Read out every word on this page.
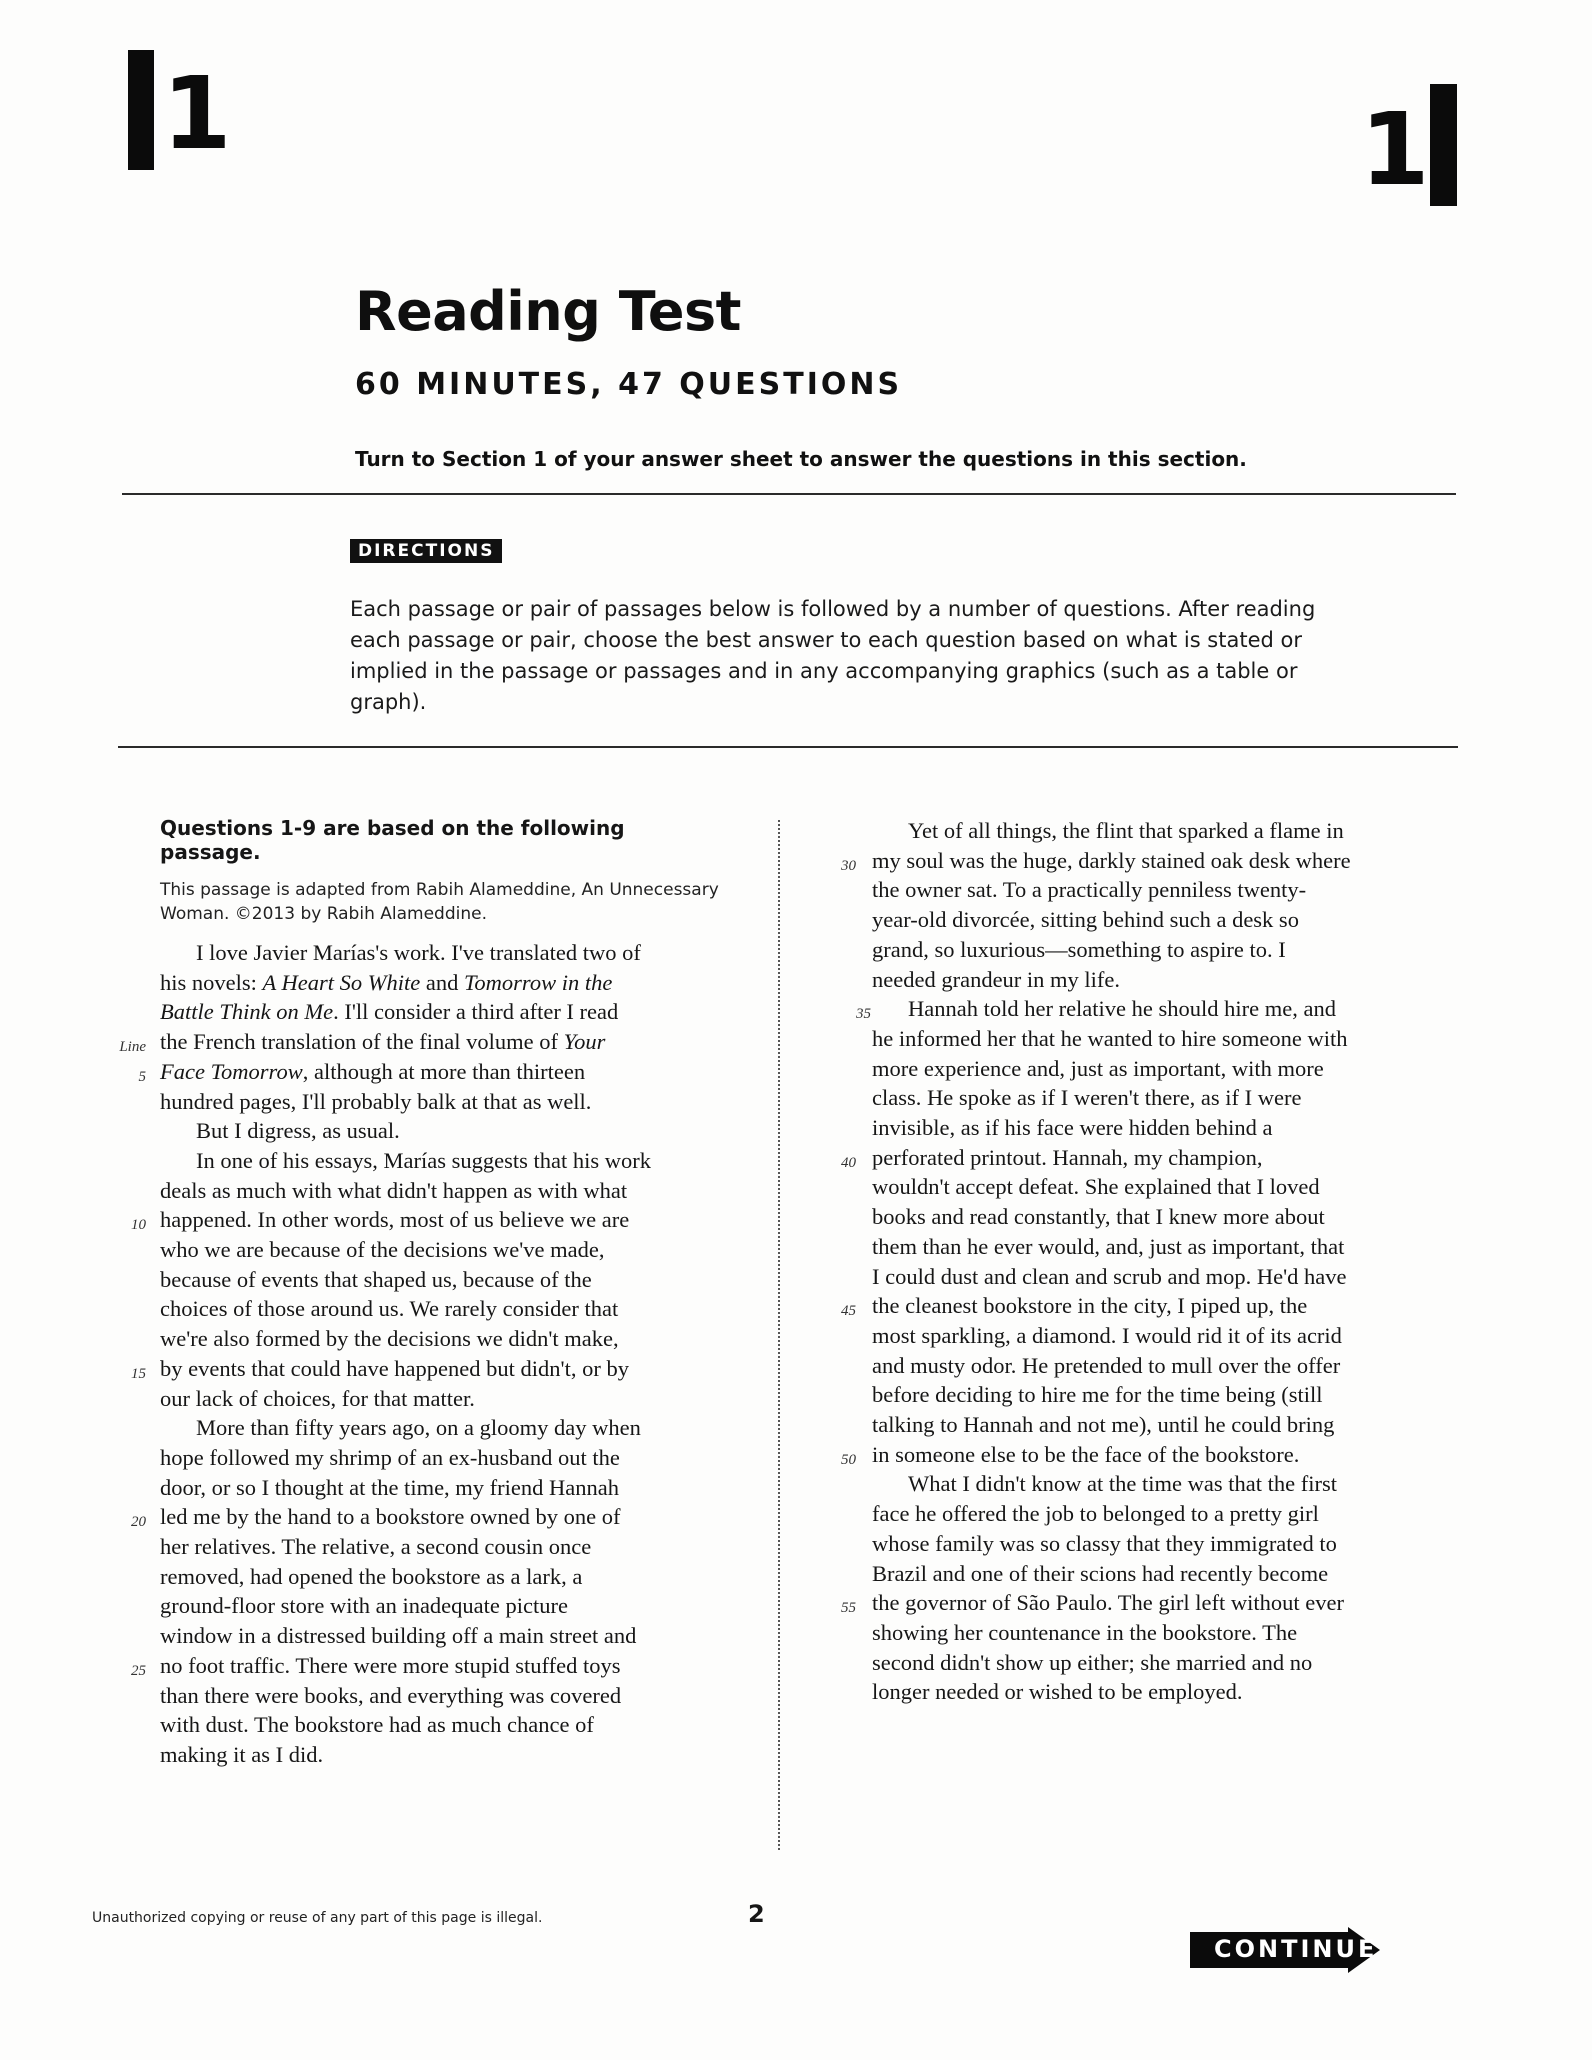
1	1
Reading Test
60 MINUTES, 47 QUESTIONS
Turn to Section 1 of your answer sheet to answer the questions in this section.
DIRECTIONS

Each passage or pair of passages below is followed by a number of questions. After reading each passage or pair, choose the best answer to each question based on what is stated or implied in the passage or passages and in any accompanying graphics (such as a table or graph).

Questions 1-9 are based on the following passage.

This passage is adapted from Rabih Alameddine, An Unnecessary Woman. ©2013 by Rabih Alameddine.

I love Javier Marías's work. I've translated two of
his novels: A Heart So White and Tomorrow in the
Battle Think on Me. I'll consider a third after I read
the French translation of the final volume of Your
Line
Face Tomorrow, although at more than thirteen
5
hundred pages, I'll probably balk at that as well.
But I digress, as usual.
In one of his essays, Marías suggests that his work
deals as much with what didn't happen as with what
happened. In other words, most of us believe we are
10
who we are because of the decisions we've made,
because of events that shaped us, because of the
choices of those around us. We rarely consider that
we're also formed by the decisions we didn't make,
by events that could have happened but didn't, or by
15
our lack of choices, for that matter.
More than fifty years ago, on a gloomy day when
hope followed my shrimp of an ex-husband out the
door, or so I thought at the time, my friend Hannah
led me by the hand to a bookstore owned by one of
20
her relatives. The relative, a second cousin once
removed, had opened the bookstore as a lark, a
ground-floor store with an inadequate picture
window in a distressed building off a main street and
no foot traffic. There were more stupid stuffed toys
25
than there were books, and everything was covered
with dust. The bookstore had as much chance of
making it as I did.
Yet of all things, the flint that sparked a flame in
my soul was the huge, darkly stained oak desk where
30
the owner sat. To a practically penniless twenty-
year-old divorcée, sitting behind such a desk so
grand, so luxurious—something to aspire to. I
needed grandeur in my life.
Hannah told her relative he should hire me, and
35
he informed her that he wanted to hire someone with
more experience and, just as important, with more
class. He spoke as if I weren't there, as if I were
invisible, as if his face were hidden behind a
perforated printout. Hannah, my champion,
40
wouldn't accept defeat. She explained that I loved
books and read constantly, that I knew more about
them than he ever would, and, just as important, that
I could dust and clean and scrub and mop. He'd have
the cleanest bookstore in the city, I piped up, the
45
most sparkling, a diamond. I would rid it of its acrid
and musty odor. He pretended to mull over the offer
before deciding to hire me for the time being (still
talking to Hannah and not me), until he could bring
in someone else to be the face of the bookstore.
50
What I didn't know at the time was that the first
face he offered the job to belonged to a pretty girl
whose family was so classy that they immigrated to
Brazil and one of their scions had recently become
the governor of São Paulo. The girl left without ever
55
showing her countenance in the bookstore. The
second didn't show up either; she married and no
longer needed or wished to be employed.
Unauthorized copying or reuse of any part of this page is illegal.	2
CONTINUE
